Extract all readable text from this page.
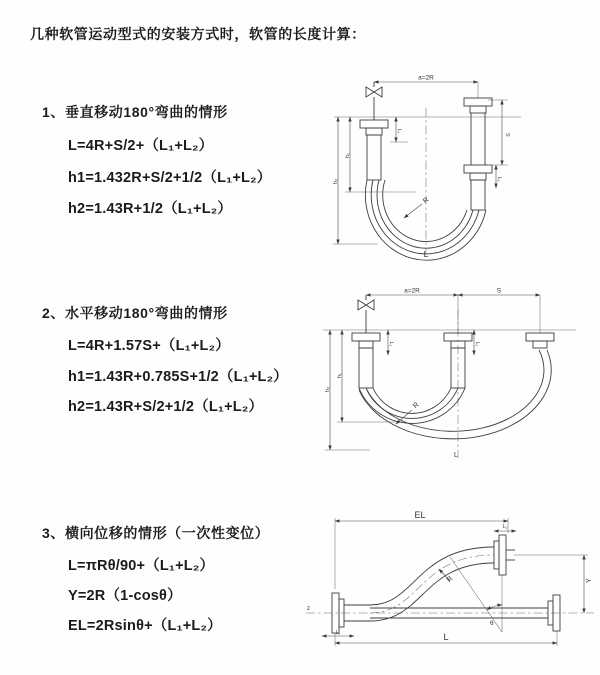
几种软管运动型式的安装方式时，软管的长度计算：
1、垂直移动180°弯曲的情形
L=4R+S/2+（L₁+L₂）
h1=1.432R+S/2+1/2（L₁+L₂）
h2=1.43R+1/2（L₁+L₂）
2、水平移动180°弯曲的情形
L=4R+1.57S+（L₁+L₂）
h1=1.43R+0.785S+1/2（L₁+L₂）
h2=1.43R+S/2+1/2（L₁+L₂）
3、横向位移的情形（一次性变位）
L=πRθ/90+（L₁+L₂）
Y=2R（1-cosθ）
EL=2Rsinθ+（L₁+L₂）
a=2R
S
L₂
h₂
h₁
L₁
R
L
a=2R	S
h₂
h₁
L₁	L₁
R
L
z
θ
EL
L₁
Y
R
L₁	L
